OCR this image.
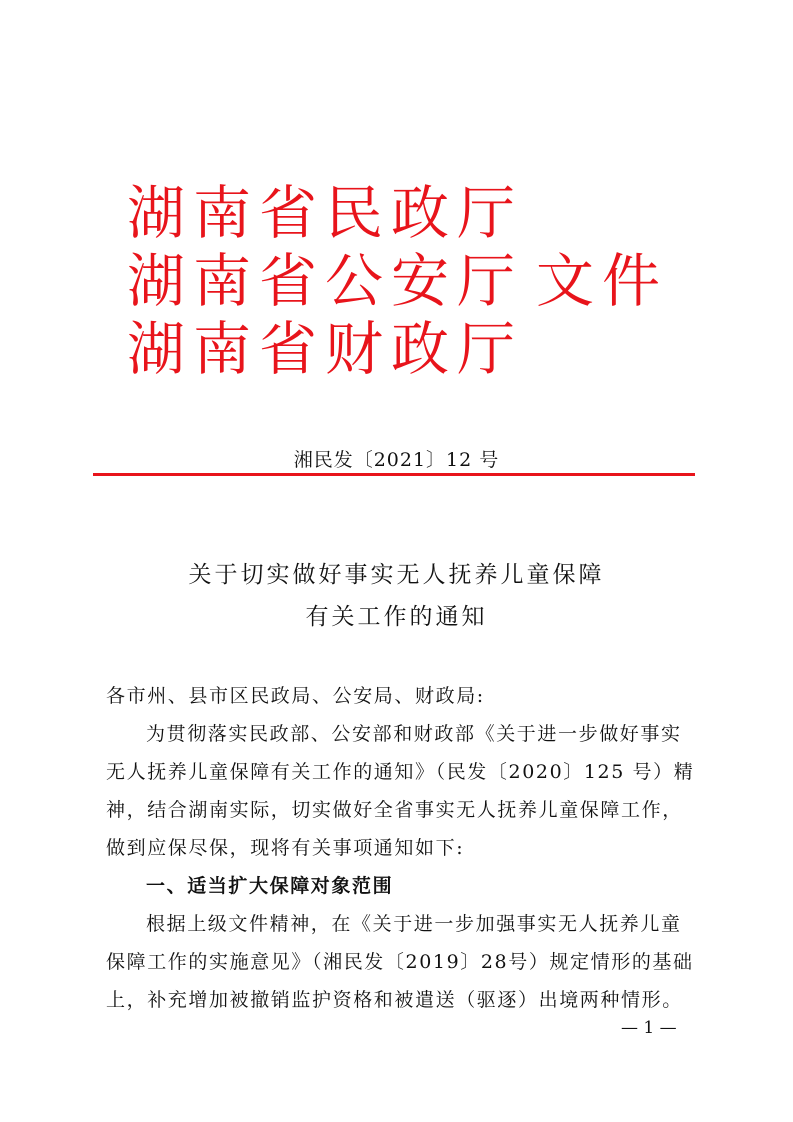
湖南省民政厅
湖南省公安厅
湖南省财政厅
文件
湘民发〔2021〕12 号
关于切实做好事实无人抚养儿童保障
有关工作的通知
各市州、县市区民政局、公安局、财政局:
为贯彻落实民政部、公安部和财政部《关于进一步做好事实
无人抚养儿童保障有关工作的通知》（民发〔2020〕125 号）精
神，结合湖南实际，切实做好全省事实无人抚养儿童保障工作，
做到应保尽保，现将有关事项通知如下:
一、适当扩大保障对象范围
根据上级文件精神，在《关于进一步加强事实无人抚养儿童
保障工作的实施意见》（湘民发〔2019〕28号）规定情形的基础
上，补充增加被撤销监护资格和被遣送（驱逐）出境两种情形。
— 1 —
